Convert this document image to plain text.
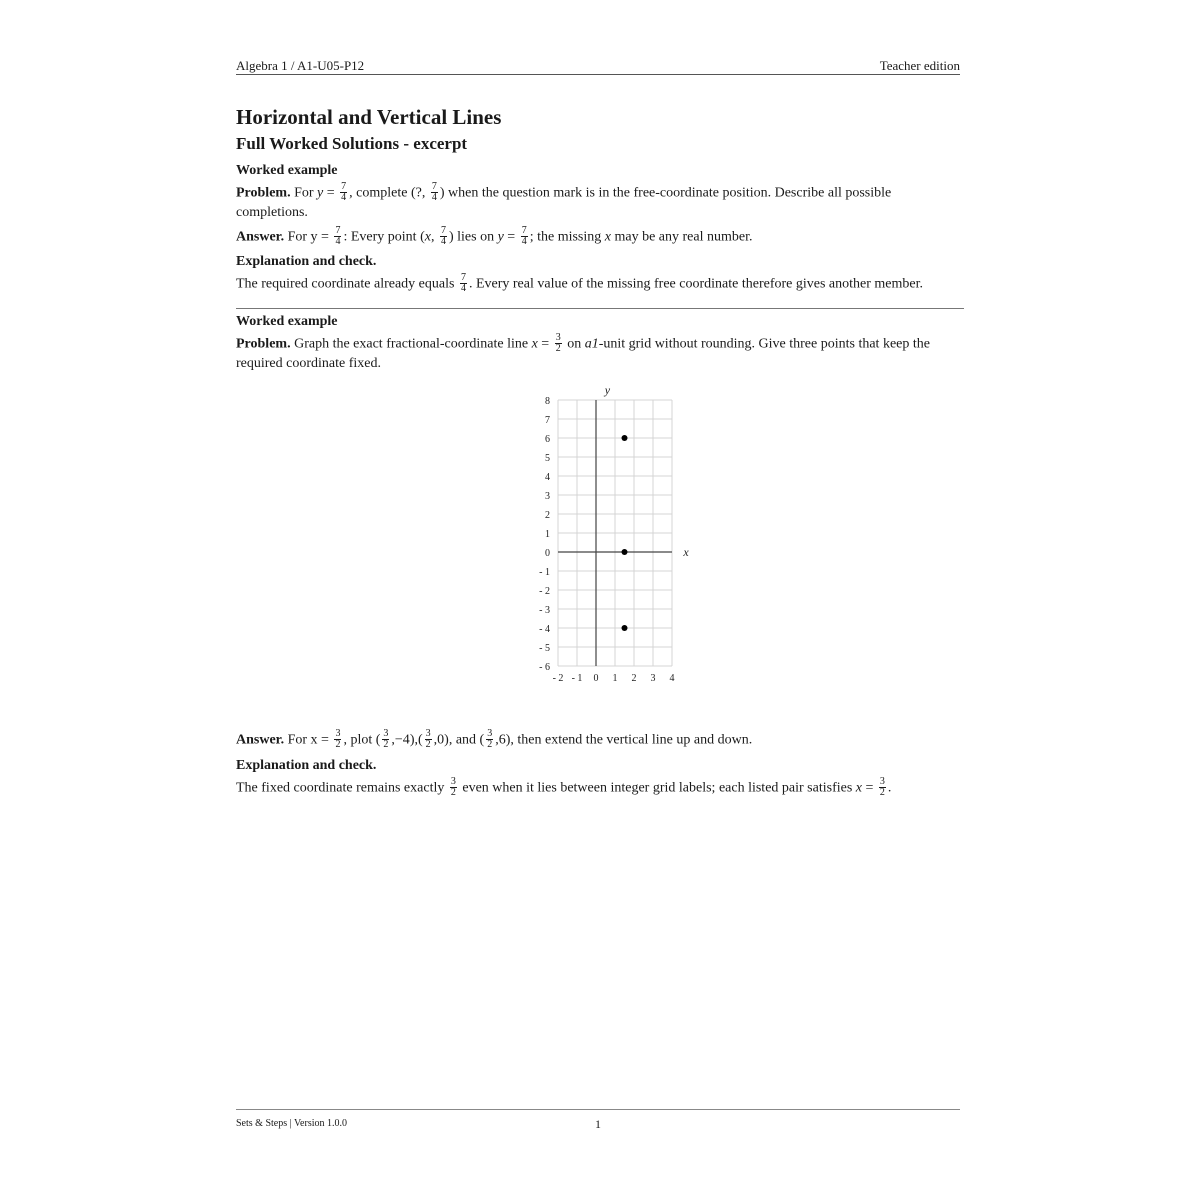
Algebra 1 / A1-U05-P12	Teacher edition
Horizontal and Vertical Lines
Full Worked Solutions - excerpt
Worked example
Problem. For $y = \frac{7}{4}$ , complete (?, $\frac{7}{4}$ ) when the question mark is in the free-coordinate position. Describe all possible completions.
Answer. For $y = \frac{7}{4}$ : Every point (x, $\frac{7}{4}$ ) lies on $y = \frac{7}{4}$ ; the missing x may be any real number.
Explanation and check.
The required coordinate already equals $\frac{7}{4}$ . Every real value of the missing free coordinate therefore gives another member.
Worked example
Problem. Graph the exact fractional-coordinate line $x = \frac{3}{2}$ on a1-unit grid without rounding. Give three points that keep the required coordinate fixed.
8
7
6
5
4
3
2
1
0
- 1
- 2
- 3
- 4
- 5
- 6
- 2 - 1 0 1 2 3 4
y
x
Answer. For $x = \frac{3}{2}$ , plot ( $\frac{3}{2} ,-4),( \frac{3}{2} ,0)$, and ( $\frac{3}{2} ,6$), then extend the vertical line up and down.
Explanation and check.
The fixed coordinate remains exactly $\frac{3}{2}$ even when it lies between integer grid labels; each listed pair satisfies $x = \frac{3}{2}$ .
Sets & Steps | Version 1.0.0	1
